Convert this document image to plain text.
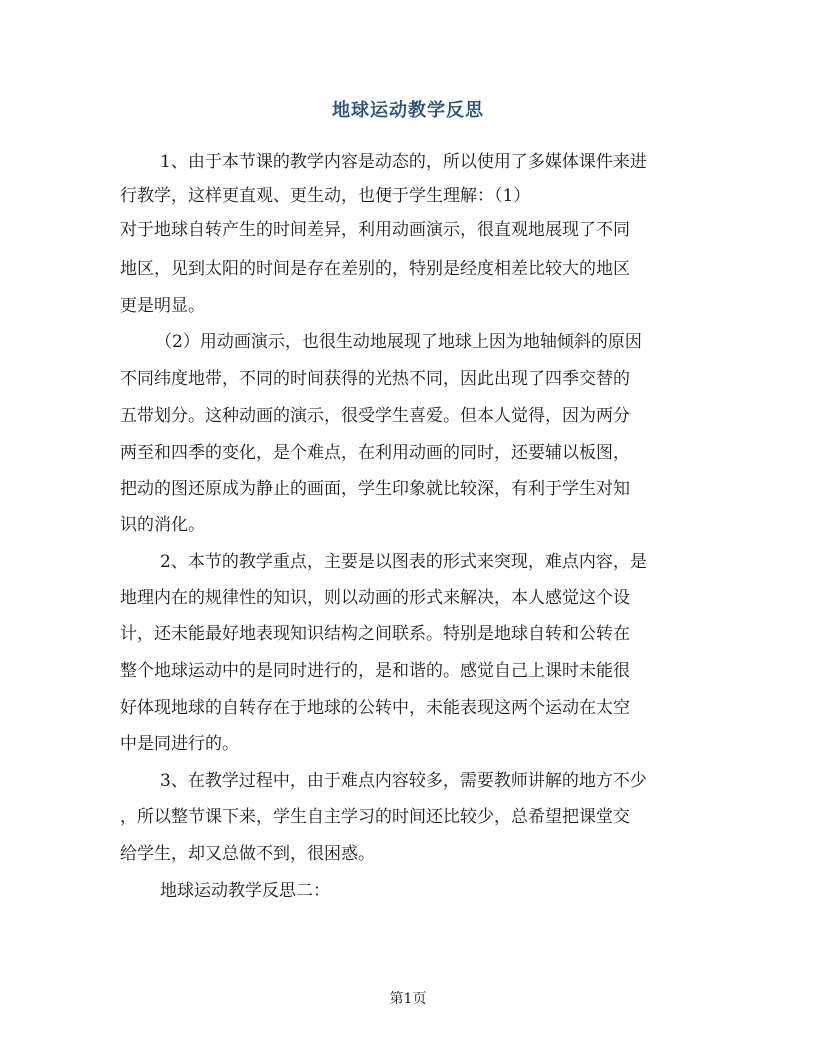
地球运动教学反思
1、由于本节课的教学内容是动态的，所以使用了多媒体课件来进
行教学，这样更直观、更生动，也便于学生理解：（1）
对于地球自转产生的时间差异，利用动画演示，很直观地展现了不同
地区，见到太阳的时间是存在差别的，特别是经度相差比较大的地区
更是明显。
（2）用动画演示，也很生动地展现了地球上因为地轴倾斜的原因
不同纬度地带，不同的时间获得的光热不同，因此出现了四季交替的
五带划分。这种动画的演示，很受学生喜爱。但本人觉得，因为两分
两至和四季的变化，是个难点，在利用动画的同时，还要辅以板图，
把动的图还原成为静止的画面，学生印象就比较深，有利于学生对知
识的消化。
2、本节的教学重点，主要是以图表的形式来突现，难点内容，是
地理内在的规律性的知识，则以动画的形式来解决，本人感觉这个设
计，还未能最好地表现知识结构之间联系。特别是地球自转和公转在
整个地球运动中的是同时进行的，是和谐的。感觉自己上课时未能很
好体现地球的自转存在于地球的公转中，未能表现这两个运动在太空
中是同进行的。
3、在教学过程中，由于难点内容较多，需要教师讲解的地方不少
，所以整节课下来，学生自主学习的时间还比较少，总希望把课堂交
给学生，却又总做不到，很困惑。
地球运动教学反思二：
第1页
